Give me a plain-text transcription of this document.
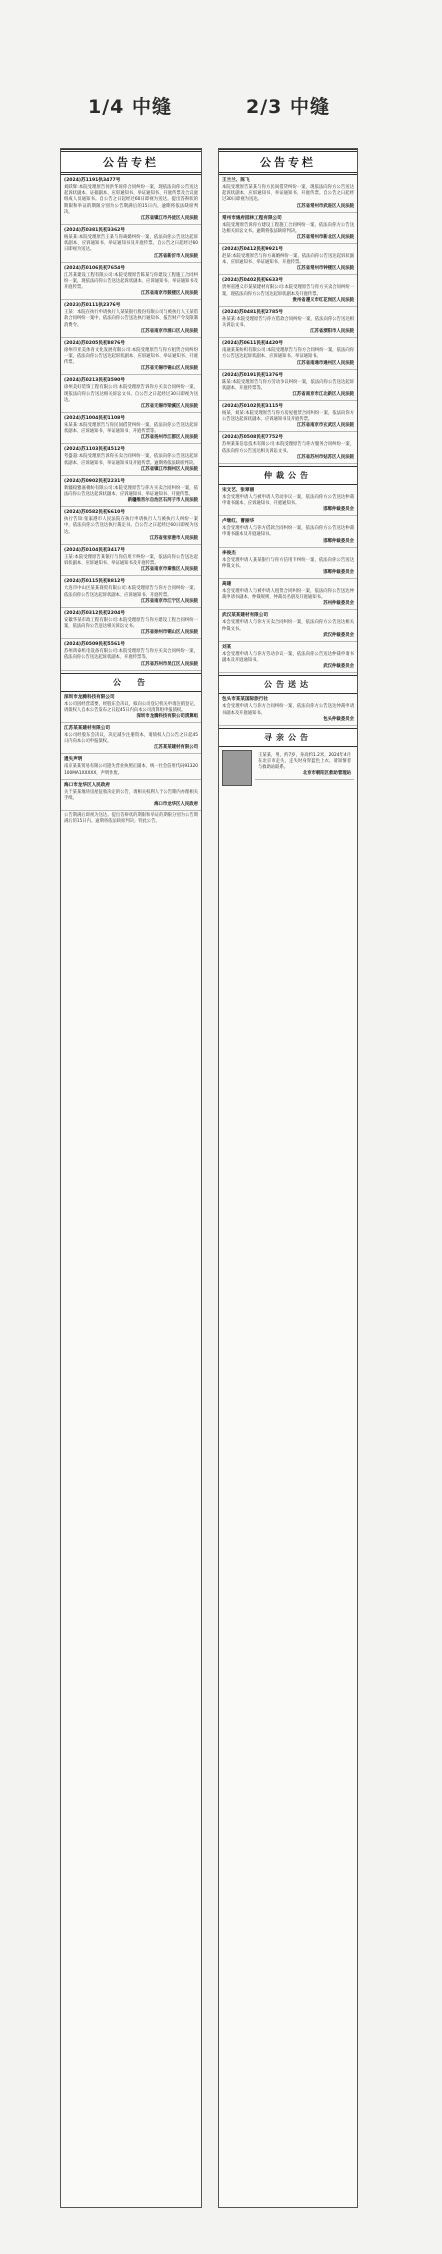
1/4 中缝	2/3 中缝
公告专栏
(2024)苏1191执3477号

刘跃辉:本院受理原告何洪华诉你合同纠纷一案，现依法向你公告送达起诉状副本、证据副本、应诉通知书、举证通知书、开庭传票及合议庭组成人员通知书。自公告之日起经过60日即视为送达。提出答辩状的期限和举证的期限分别为公告期满后的15日内。逾期将依法缺席判决。

江苏省镇江市丹徒区人民法院
(2024)苏0381民初3362号

杨某某:本院受理原告王某与你离婚纠纷一案，依法向你公告送达起诉状副本、应诉通知书、举证通知书及开庭传票。自公告之日起经过60日即视为送达。

江苏省新沂市人民法院
(2024)苏0106民初7654号

江苏某建设工程有限公司:本院受理原告陈某与你建设工程施工合同纠纷一案，现依法向你公告送达起诉状副本、应诉通知书、举证通知书及开庭传票。

江苏省南京市鼓楼区人民法院
(2023)苏0111执2376号

王某：本院在执行申请执行人某某银行股份有限公司与被执行人王某借款合同纠纷一案中，依法向你公告送达执行通知书、报告财产令及限制消费令。

江苏省南京市浦口区人民法院
(2024)苏0205民初8876号

徐州市亚美体育文化发展有限公司:本院受理原告与你方租赁合同纠纷一案，依法向你公告送达起诉状副本、应诉通知书、举证通知书、开庭传票。

江苏省无锡市锡山区人民法院
(2024)苏0213民初3590号

徐州美好装饰工程有限公司:本院受理原告诉你方买卖合同纠纷一案，现依法向你公告送达相关诉讼文书。自公告之日起经过30日即视为送达。

江苏省无锡市梁溪区人民法院
(2024)苏1004民初1108号

朱某某:本院受理原告与你民间借贷纠纷一案，依法向你公告送达起诉状副本、应诉通知书、举证通知书、开庭传票等。

江苏省扬州市江都区人民法院
(2024)苏1103民初4512号

考盛超:本院受理原告诉你买卖合同纠纷一案，依法向你公告送达起诉状副本、应诉通知书、举证通知书及开庭传票。逾期将依法缺席判决。

江苏省镇江市润州区人民法院
(2024)苏0902民初2231号

新疆稳雅嘉棉纺有限公司:本院受理原告与你方买卖合同纠纷一案，依法向你公告送达起诉状副本、应诉通知书、举证通知书、开庭传票。

新疆维吾尔自治区石河子市人民法院
(2024)苏0582民初6610号

执行告知:张家港市人民法院在执行申请执行人与被执行人纠纷一案中，依法向你公告送达执行裁定书。自公告之日起经过60日即视为送达。

江苏省张家港市人民法院
(2024)苏0104民初3417号

王某:本院受理原告某银行与你信用卡纠纷一案，依法向你公告送达起诉状副本、应诉通知书、举证通知书及开庭传票。

江苏省南京市秦淮区人民法院
(2024)苏0115民初8812号

大连市中山区某某商贸有限公司:本院受理原告与你方合同纠纷一案，依法向你公告送达起诉状副本、应诉通知书、开庭传票。

江苏省南京市江宁区人民法院
(2024)苏0312民初2204号

安徽华某市政工程有限公司:本院受理原告与你方建设工程合同纠纷一案，依法向你公告送达相关诉讼文书。

江苏省徐州市铜山区人民法院
(2024)苏0509民初5561号

苏州鸿泰机电设备有限公司:本院受理原告与你方买卖合同纠纷一案，依法向你公告送达起诉状副本、开庭传票等。

江苏省苏州市吴江区人民法院
公　告
深圳市龙腾科技有限公司

本公司因经营需要，经股东会决议，拟向公司登记机关申请注销登记，请债权人自本公告发布之日起45日内向本公司清算组申报债权。

深圳市龙腾科技有限公司清算组
江苏某某建材有限公司

本公司经股东会决议，决定减少注册资本，请债权人自公告之日起45日内向本公司申报债权。

江苏某某建材有限公司
遗失声明

南京某某贸易有限公司遗失营业执照正副本，统一社会信用代码91320100MA1XXXXX，声明作废。

海口市龙华区人民政府

关于某某地块房屋征收决定的公告，请相关权利人于公告期内办理相关手续。

海口市龙华区人民政府
公告期满后即视为送达。提出答辩状的期限和举证的期限分别为公告期满后的15日内。逾期将依法缺席判决。特此公告。
公告专栏
王兰兰、陈飞

本院受理原告某某与你方民间借贷纠纷一案，现依法向你方公告送达起诉状副本、应诉通知书、举证通知书、开庭传票。自公告之日起经过30日即视为送达。

江苏省常州市武进区人民法院
常州市通府园林工程有限公司

本院受理原告诉你方建设工程施工合同纠纷一案，依法向你方公告送达相关诉讼文书。逾期将依法缺席判决。

江苏省常州市新北区人民法院
(2024)苏0412民初9921号

赵某:本院受理原告与你方离婚纠纷一案，依法向你公告送达起诉状副本、应诉通知书、举证通知书、开庭传票。

江苏省常州市钟楼区人民法院
(2024)苏0402民初6633号

贵州省遵义市某某建材有限公司:本院受理原告与你方买卖合同纠纷一案，现依法向你方公告送达起诉状副本及开庭传票。

贵州省遵义市红花岗区人民法院
(2024)苏0481民初2785号

孙某某:本院受理原告与你方借款合同纠纷一案，依法向你公告送达相关诉讼文书。

江苏省溧阳市人民法院
(2024)苏0611民初4420号

南通某某纺织有限公司:本院受理原告与你方合同纠纷一案，依法向你方公告送达起诉状副本、应诉通知书、举证通知书。

江苏省南通市通州区人民法院
(2024)苏0191民初1376号

陈某:本院受理原告与你方劳动争议纠纷一案，依法向你公告送达起诉状副本、开庭传票等。

江苏省南京市江北新区人民法院
(2024)苏0102民初3115号

杨某、刘某:本院受理原告与你方房屋租赁合同纠纷一案，依法向你方公告送达起诉状副本、应诉通知书及开庭传票。

江苏省南京市玄武区人民法院
(2024)苏0508民初7752号

苏州某某信息技术有限公司:本院受理原告与你方服务合同纠纷一案，依法向你方公告送达相关诉讼文书。

江苏省苏州市姑苏区人民法院
仲裁公告
宋文艺、张翠丽

本会受理申请人与被申请人劳动争议一案，依法向你方公告送达仲裁申请书副本、应诉通知书、开庭通知书。

邯郸仲裁委员会
卢继红、曹丽华

本会受理申请人与你方借款合同纠纷一案，依法向你方公告送达仲裁申请书副本及开庭通知书。

邯郸仲裁委员会
李俊杰

本会受理申请人某某银行与你方信用卡纠纷一案，依法向你公告送达仲裁文书。

邯郸仲裁委员会
高建

本会受理申请人与被申请人租赁合同纠纷一案，依法向你公告送达仲裁申请书副本、仲裁规则、仲裁员名册及开庭通知书。

苏州仲裁委员会
武汉某某建材有限公司

本会受理申请人与你方买卖合同纠纷一案，依法向你方公告送达相关仲裁文书。

武汉仲裁委员会
刘某

本会受理申请人与你方劳动争议一案，依法向你公告送达仲裁申请书副本及开庭通知书。

武汉仲裁委员会
公告送达
包头市某某国际旅行社

本会受理申请人与你方合同纠纷一案，依法向你方公告送达仲裁申请书副本及开庭通知书。

包头仲裁委员会
寻亲公告

王某某，男，约7岁，身高约1.2米，2024年4月在北京市走失，走失时身穿蓝色上衣。请知情者与救助站联系。

北京市朝阳区救助管理站
